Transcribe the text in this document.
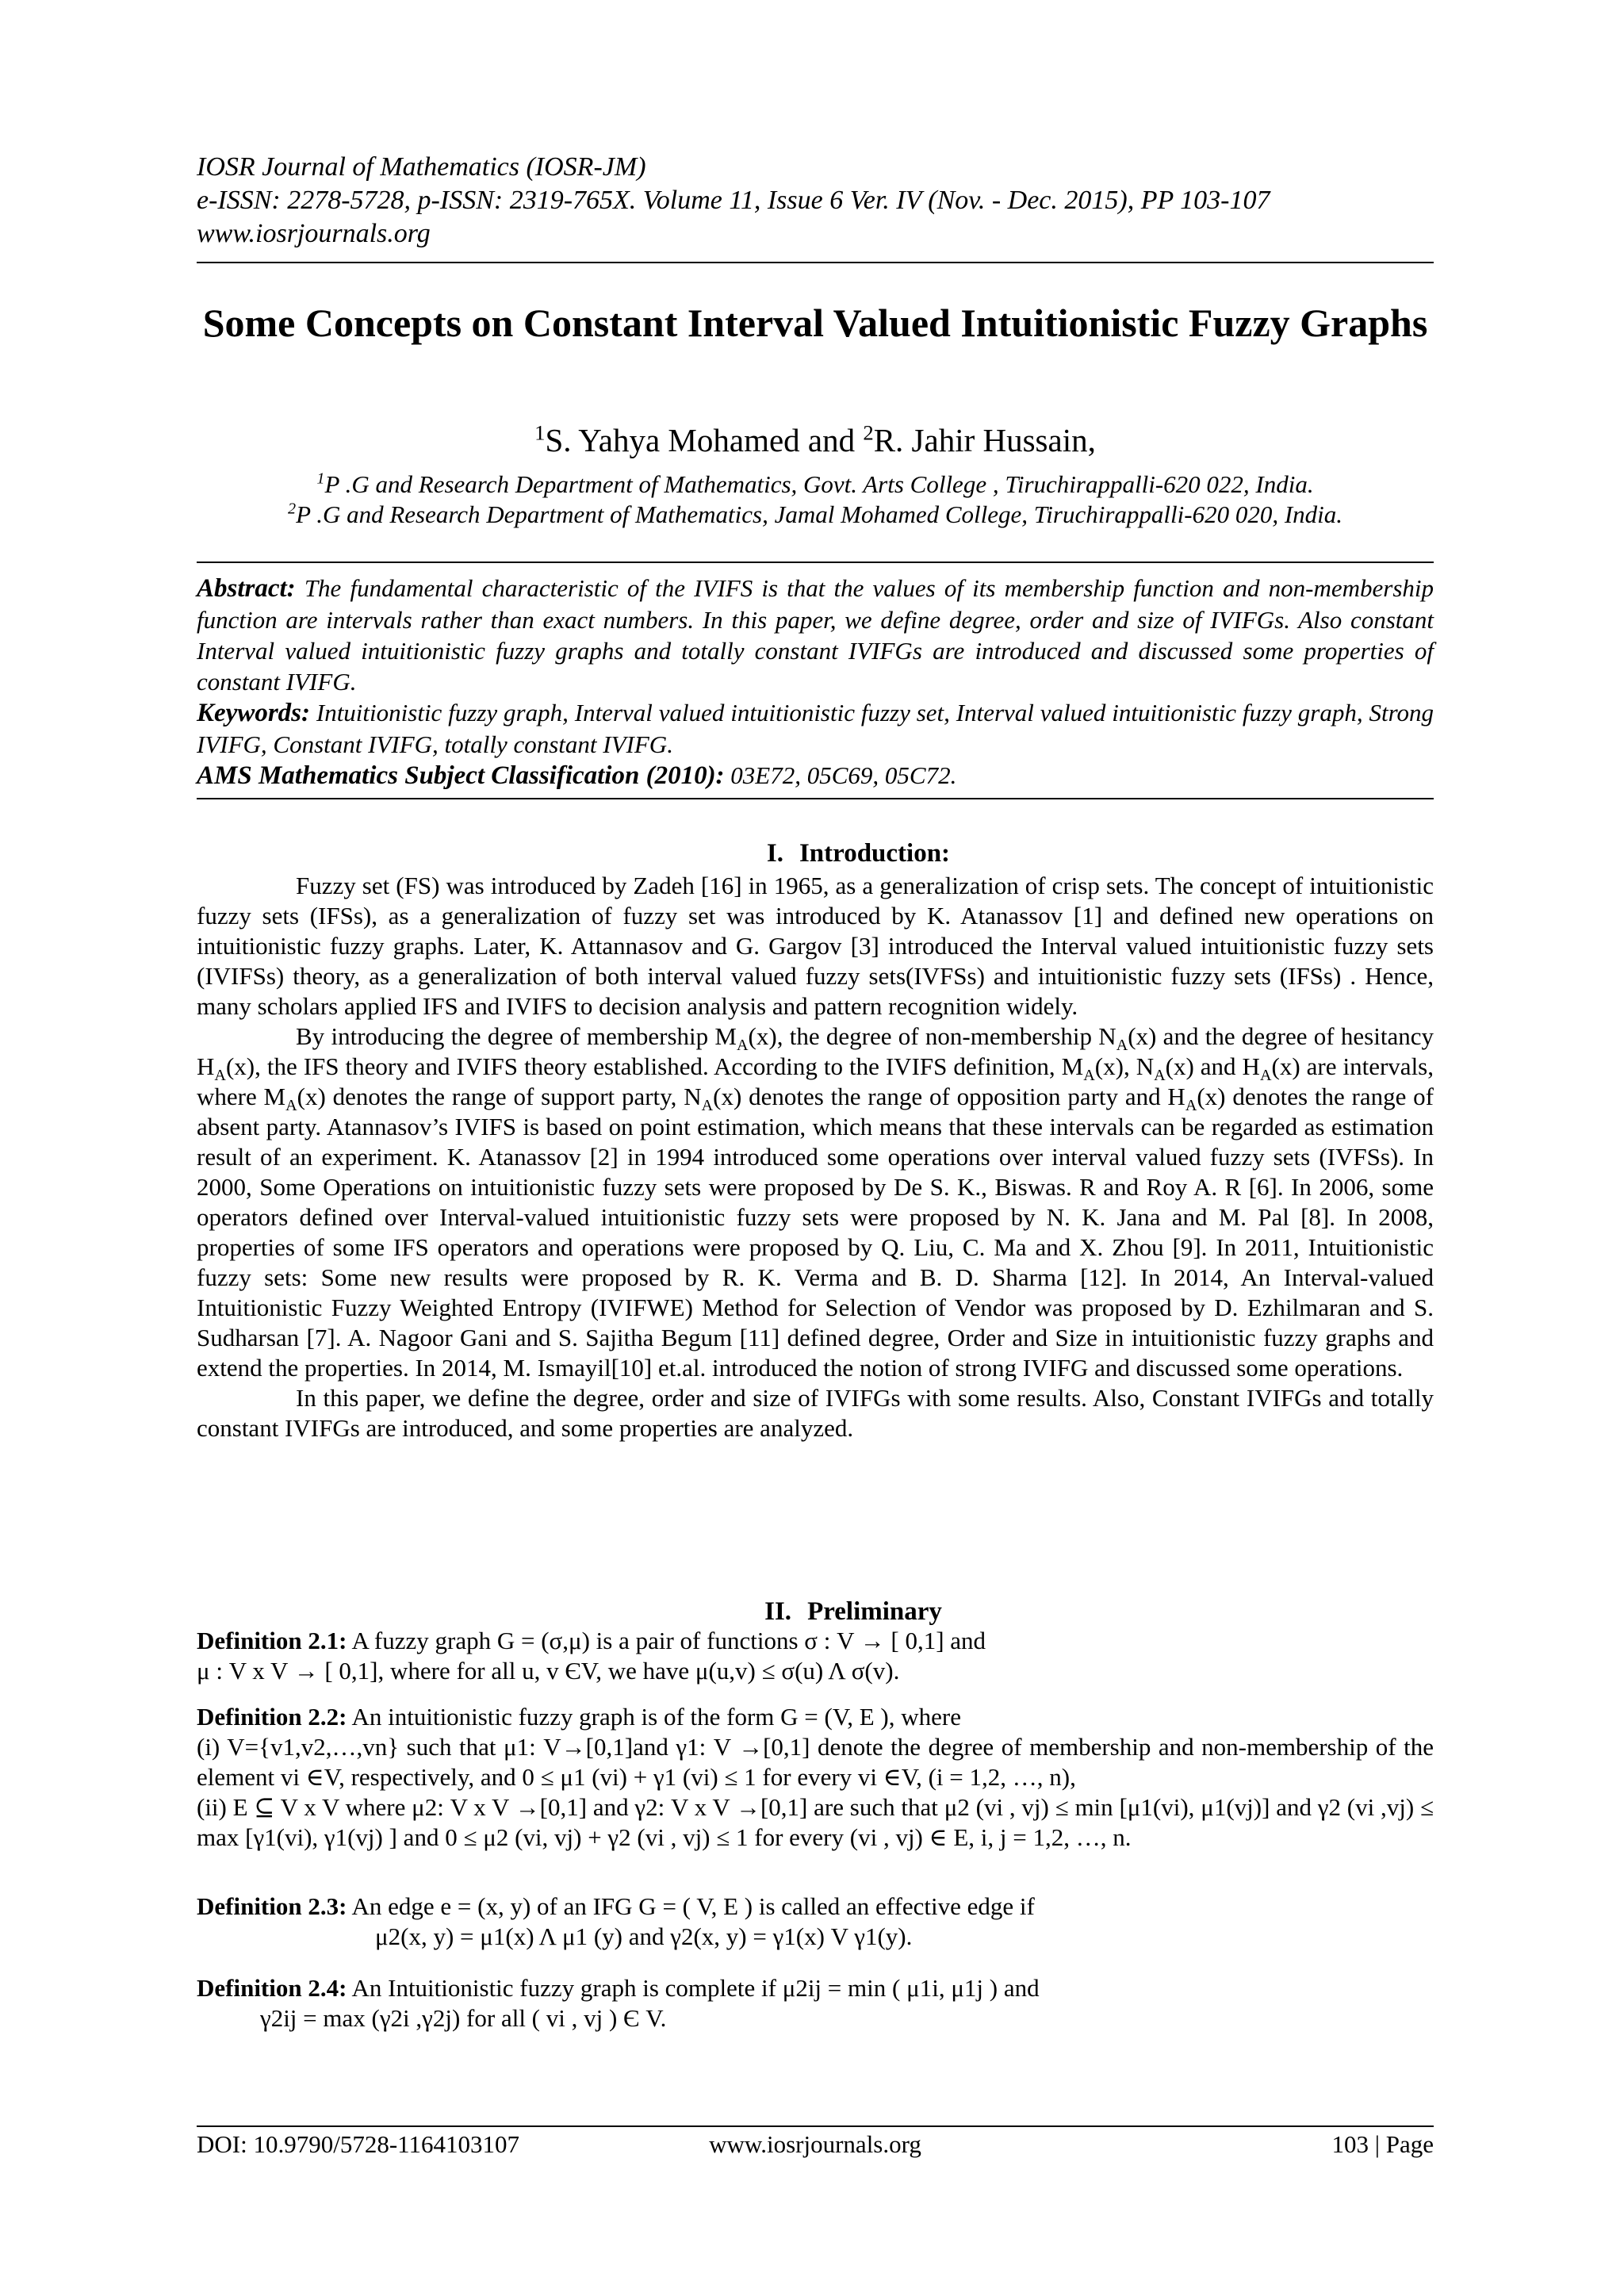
IOSR Journal of Mathematics (IOSR-JM)
e-ISSN: 2278-5728, p-ISSN: 2319-765X. Volume 11, Issue 6 Ver. IV (Nov. - Dec. 2015), PP 103-107
www.iosrjournals.org
Some Concepts on Constant Interval Valued Intuitionistic Fuzzy Graphs
$^1$S. Yahya Mohamed and $^2$R. Jahir Hussain,
$^1$P .G and Research Department of Mathematics, Govt. Arts College , Tiruchirappalli-620 022, India.
$^2$P .G and Research Department of Mathematics, Jamal Mohamed College, Tiruchirappalli-620 020, India.
Abstract: The fundamental characteristic of the IVIFS is that the values of its membership function and non-membership function are intervals rather than exact numbers. In this paper, we define degree, order and size of IVIFGs. Also constant Interval valued intuitionistic fuzzy graphs and totally constant IVIFGs are introduced and discussed some properties of constant IVIFG.
Keywords: Intuitionistic fuzzy graph, Interval valued intuitionistic fuzzy set, Interval valued intuitionistic fuzzy graph, Strong IVIFG, Constant IVIFG, totally constant IVIFG.
AMS Mathematics Subject Classification (2010): 03E72, 05C69, 05C72.
I. Introduction:

Fuzzy set (FS) was introduced by Zadeh [16] in 1965, as a generalization of crisp sets. The concept of intuitionistic fuzzy sets (IFSs), as a generalization of fuzzy set was introduced by K. Atanassov [1] and defined new operations on intuitionistic fuzzy graphs. Later, K. Attannasov and G. Gargov [3] introduced the Interval valued intuitionistic fuzzy sets (IVIFSs) theory, as a generalization of both interval valued fuzzy sets(IVFSs) and intuitionistic fuzzy sets (IFSs) . Hence, many scholars applied IFS and IVIFS to decision analysis and pattern recognition widely.

By introducing the degree of membership $M_A(x)$, the degree of non-membership $N_A(x)$ and the degree of hesitancy $H_A(x)$, the IFS theory and IVIFS theory established. According to the IVIFS definition, $M_A(x)$, $N_A(x)$ and $H_A(x)$ are intervals, where $M_A(x)$ denotes the range of support party, $N_A(x)$ denotes the range of opposition party and $H_A(x)$ denotes the range of absent party. Atannasov’s IVIFS is based on point estimation, which means that these intervals can be regarded as estimation result of an experiment. K. Atanassov [2] in 1994 introduced some operations over interval valued fuzzy sets (IVFSs). In 2000, Some Operations on intuitionistic fuzzy sets were proposed by De S. K., Biswas. R and Roy A. R [6]. In 2006, some operators defined over Interval-valued intuitionistic fuzzy sets were proposed by N. K. Jana and M. Pal [8]. In 2008, properties of some IFS operators and operations were proposed by Q. Liu, C. Ma and X. Zhou [9]. In 2011, Intuitionistic fuzzy sets: Some new results were proposed by R. K. Verma and B. D. Sharma [12]. In 2014, An Interval-valued Intuitionistic Fuzzy Weighted Entropy (IVIFWE) Method for Selection of Vendor was proposed by D. Ezhilmaran and S. Sudharsan [7]. A. Nagoor Gani and S. Sajitha Begum [11] defined degree, Order and Size in intuitionistic fuzzy graphs and extend the properties. In 2014, M. Ismayil[10] et.al. introduced the notion of strong IVIFG and discussed some operations.

In this paper, we define the degree, order and size of IVIFGs with some results. Also, Constant IVIFGs and totally constant IVIFGs are introduced, and some properties are analyzed.

II. Preliminary
Definition 2.1: A fuzzy graph G = (σ,μ) is a pair of functions σ : V → [ 0,1] and
μ : V x V → [ 0,1], where for all u, v ЄV, we have μ(u,v) ≤ σ(u) Λ σ(v).
Definition 2.2: An intuitionistic fuzzy graph is of the form G = (V, E ), where
(i) V={v1,v2,…,vn} such that μ1: V→[0,1]and γ1: V →[0,1] denote the degree of membership and non-membership of the element vi ∈V, respectively, and 0 ≤ μ1 (vi) + γ1 (vi) ≤ 1 for every vi ∈V, (i = 1,2, …, n),
(ii) E ⊆ V x V where μ2: V x V →[0,1] and γ2: V x V →[0,1] are such that μ2 (vi , vj) ≤ min [μ1(vi), μ1(vj)] and γ2 (vi ,vj) ≤ max [γ1(vi), γ1(vj) ] and 0 ≤ μ2 (vi, vj) + γ2 (vi , vj) ≤ 1 for every (vi , vj) ∈ E, i, j = 1,2, …, n.
Definition 2.3: An edge e = (x, y) of an IFG G = ( V, E ) is called an effective edge if
μ2(x, y) = μ1(x) Λ μ1 (y) and γ2(x, y) = γ1(x) V γ1(y).
Definition 2.4: An Intuitionistic fuzzy graph is complete if μ2ij = min ( μ1i, μ1j ) and
γ2ij = max (γ2i ,γ2j) for all ( vi , vj ) Є V.
DOI: 10.9790/5728-1164103107	www.iosrjournals.org	103 | Page
